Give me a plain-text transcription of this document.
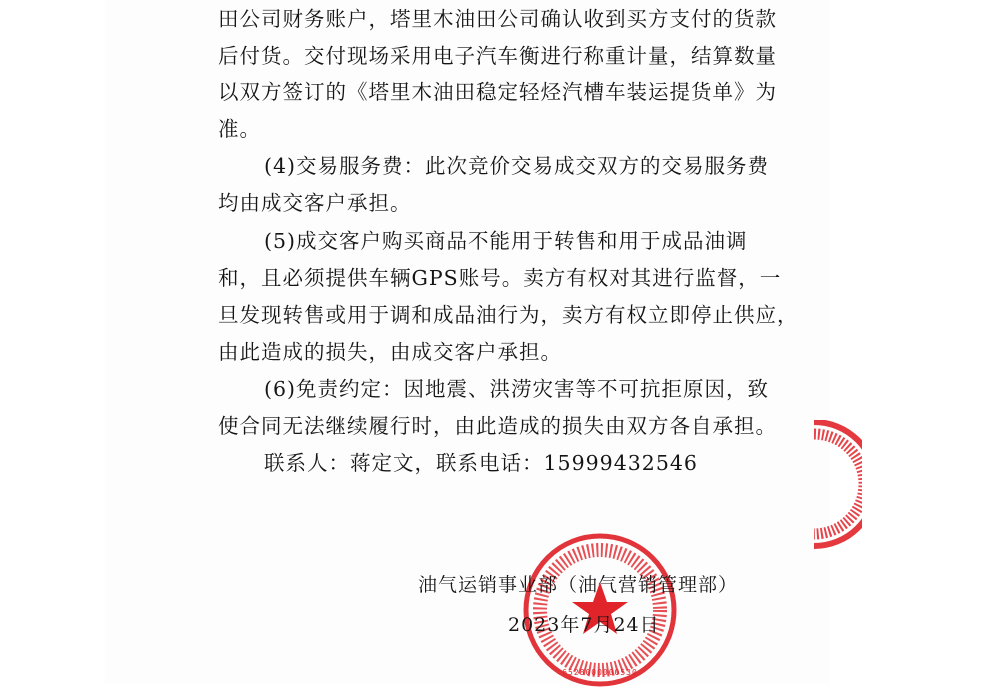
田公司财务账户，塔里木油田公司确认收到买方支付的货款
后付货。交付现场采用电子汽车衡进行称重计量，结算数量
以双方签订的《塔里木油田稳定轻烃汽槽车装运提货单》为
准。
(4)交易服务费：此次竞价交易成交双方的交易服务费
均由成交客户承担。
(5)成交客户购买商品不能用于转售和用于成品油调
和，且必须提供车辆GPS账号。卖方有权对其进行监督，一
旦发现转售或用于调和成品油行为，卖方有权立即停止供应，
由此造成的损失，由成交客户承担。
(6)免责约定：因地震、洪涝灾害等不可抗拒原因，致
使合同无法继续履行时，由此造成的损失由双方各自承担。
联系人：蒋定文，联系电话：15999432546
6528000000530
油气运销事业部（油气营销管理部）
2023年7月24日
